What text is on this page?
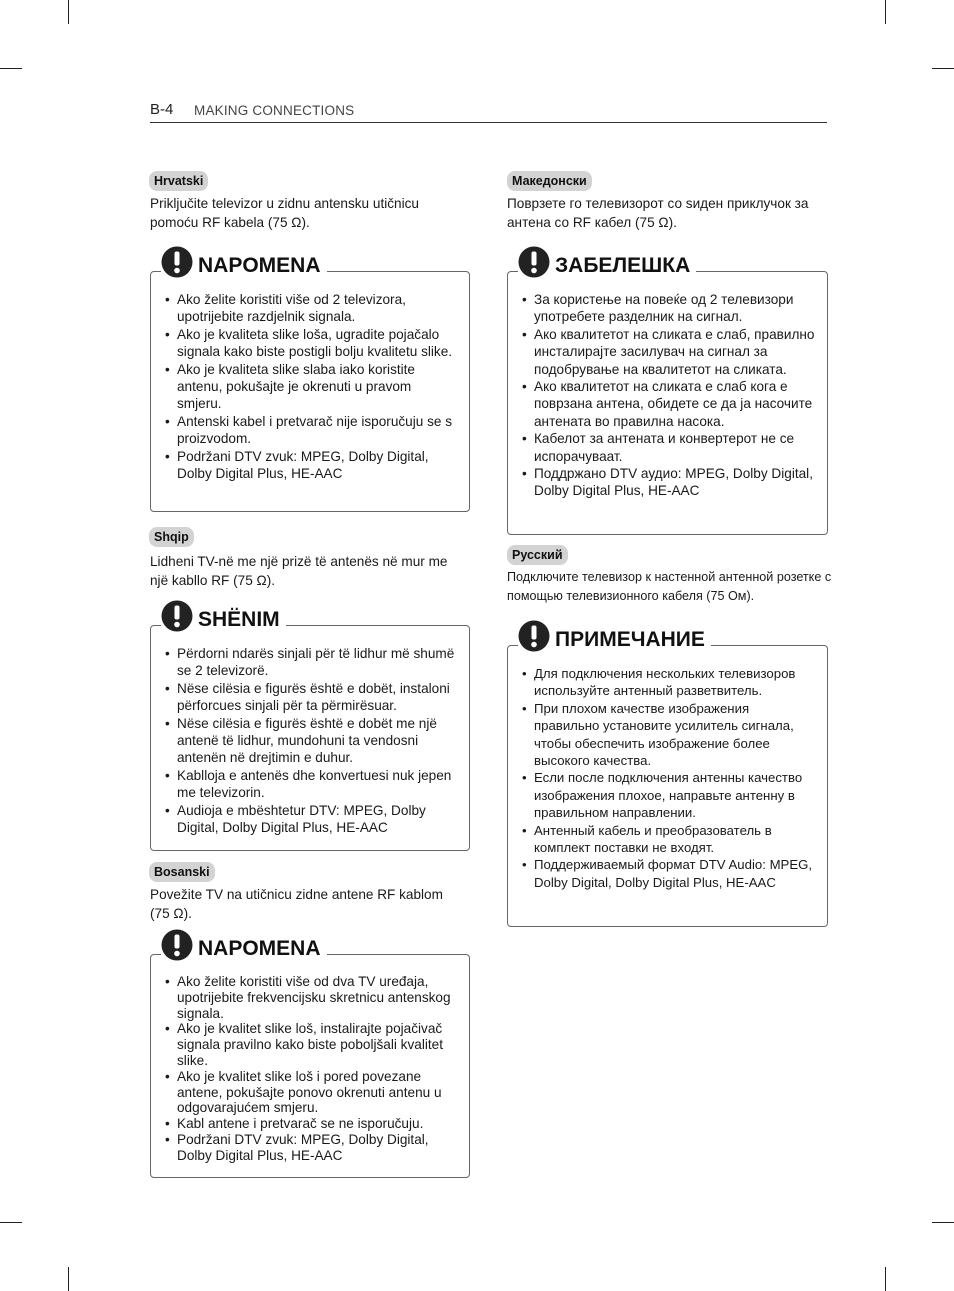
B-4 MAKING CONNECTIONS
Hrvatski

Priključite televizor u zidnu antensku utičnicu pomoću RF kabela (75 Ω).

NAPOMENA
• Ako želite koristiti više od 2 televizora, upotrijebite razdjelnik signala.
• Ako je kvaliteta slike loša, ugradite pojačalo signala kako biste postigli bolju kvalitetu slike.
• Ako je kvaliteta slike slaba iako koristite antenu, pokušajte je okrenuti u pravom smjeru.
• Antenski kabel i pretvarač nije isporučuju se s proizvodom.
• Podržani DTV zvuk: MPEG, Dolby Digital, Dolby Digital Plus, HE-AAC
Shqip

Lidheni TV-në me një prizë të antenës në mur me një kabllo RF (75 Ω).

SHËNIM
• Përdorni ndarës sinjali për të lidhur më shumë se 2 televizorë.
• Nëse cilësia e figurës është e dobët, instaloni përforcues sinjali për ta përmirësuar.
• Nëse cilësia e figurës është e dobët me një antenë të lidhur, mundohuni ta vendosni antenën në drejtimin e duhur.
• Kablloja e antenës dhe konvertuesi nuk jepen me televizorin.
• Audioja e mbështetur DTV: MPEG, Dolby Digital, Dolby Digital Plus, HE-AAC
Bosanski

Povežite TV na utičnicu zidne antene RF kablom (75 Ω).

NAPOMENA
• Ako želite koristiti više od dva TV uređaja, upotrijebite frekvencijsku skretnicu antenskog signala.
• Ako je kvalitet slike loš, instalirajte pojačivač signala pravilno kako biste poboljšali kvalitet slike.
• Ako je kvalitet slike loš i pored povezane antene, pokušajte ponovo okrenuti antenu u odgovarajućem smjeru.
• Kabl antene i pretvarač se ne isporučuju.
• Podržani DTV zvuk: MPEG, Dolby Digital, Dolby Digital Plus, HE-AAC
Македонски

Поврзете го телевизорот со ѕиден приклучок за антена со RF кабел (75 Ω).

ЗАБЕЛЕШКА
• За користење на повеќе од 2 телевизори употребете разделник на сигнал.
• Ако квалитетот на сликата е слаб, правилно инсталирајте засилувач на сигнал за подобрување на квалитетот на сликата.
• Ако квалитетот на сликата е слаб кога е поврзана антена, обидете се да ја насочите антената во правилна насока.
• Кабелот за антената и конвертерот не се испорачуваат.
• Поддржано DTV аудио: MPEG, Dolby Digital, Dolby Digital Plus, HE-AAC
Русский

Подключите телевизор к настенной антенной розетке с помощью телевизионного кабеля (75 Ом).

ПРИМЕЧАНИЕ
• Для подключения нескольких телевизоров используйте антенный разветвитель.
• При плохом качестве изображения правильно установите усилитель сигнала, чтобы обеспечить изображение более высокого качества.
• Если после подключения антенны качество изображения плохое, направьте антенну в правильном направлении.
• Антенный кабель и преобразователь в комплект поставки не входят.
• Поддерживаемый формат DTV Audio: MPEG, Dolby Digital, Dolby Digital Plus, HE-AAC
